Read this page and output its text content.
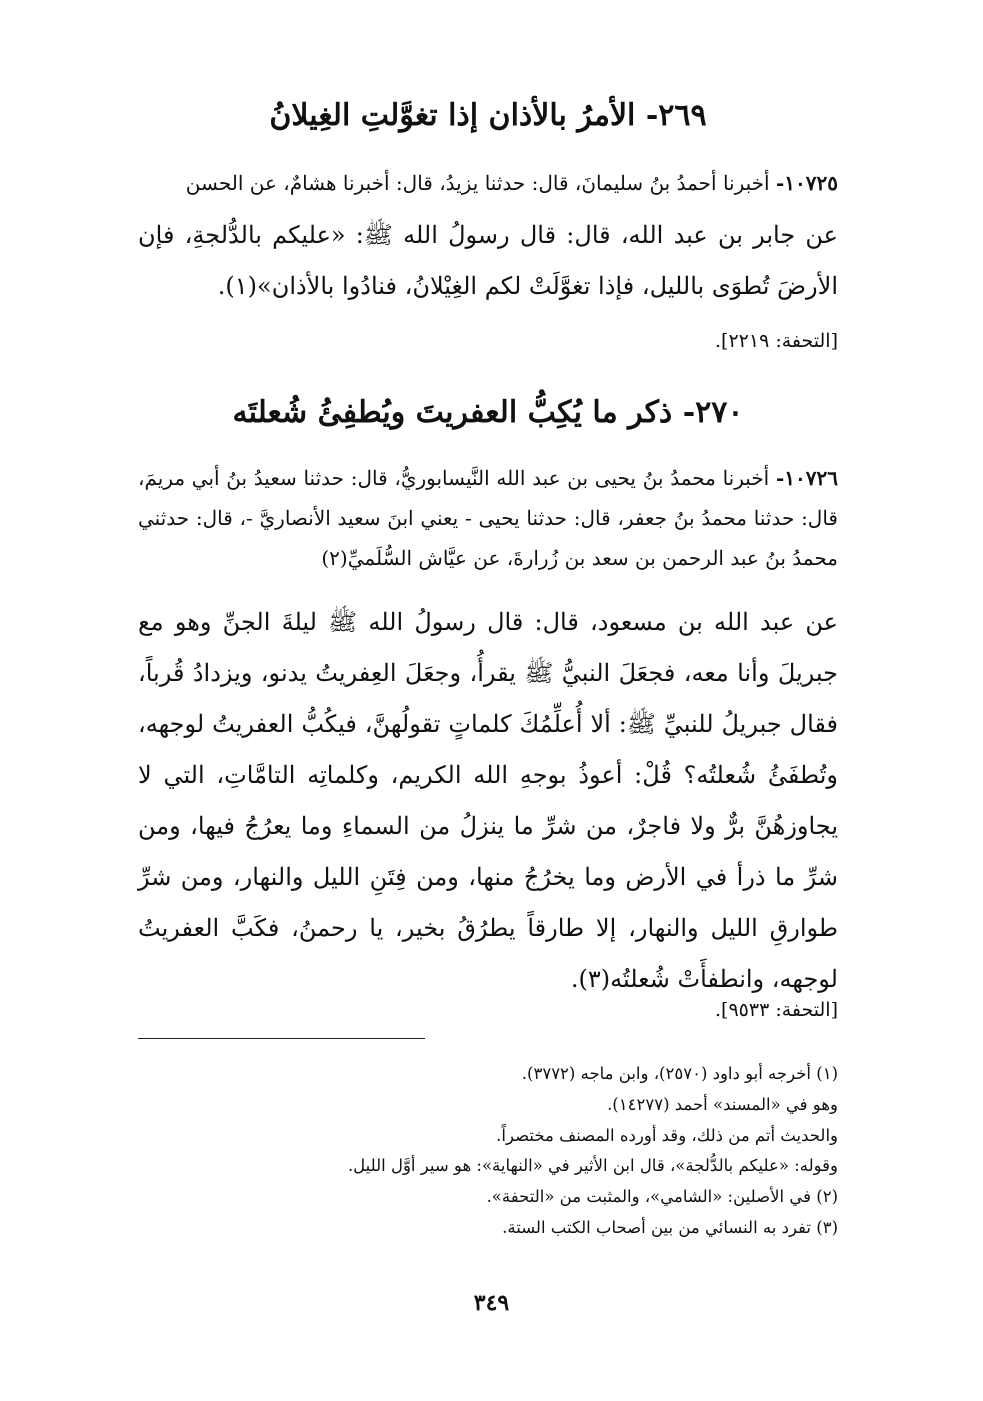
٢٦٩- الأمرُ بالأذان إذا تغوَّلتِ الغِيلانُ
١٠٧٢٥- أخبرنا أحمدُ بنُ سليمانَ، قال: حدثنا يزيدُ، قال: أخبرنا هشامٌ، عن الحسن
عن جابر بن عبد الله، قال: قال رسولُ الله ﷺ: «عليكم بالدُّلجةِ، فإن الأرضَ تُطوَى بالليل، فإذا تغوَّلَتْ لكم الغِيْلانُ، فنادُوا بالأذان»(١).
[التحفة: ٢٢١٩].
٢٧٠- ذكر ما يُكِبُّ العفريتَ ويُطفِئُ شُعلتَه
١٠٧٢٦- أخبرنا محمدُ بنُ يحيى بن عبد الله النَّيسابوريُّ، قال: حدثنا سعيدُ بنُ أبي مريمَ، قال: حدثنا محمدُ بنُ جعفر، قال: حدثنا يحيى - يعني ابنَ سعيد الأنصاريَّ -، قال: حدثني محمدُ بنُ عبد الرحمن بن سعد بن زُرارةَ، عن عيَّاش السُّلَميِّ(٢)
عن عبد الله بن مسعود، قال: قال رسولُ الله ﷺ ليلةَ الجنِّ وهو مع جبريلَ وأنا معه، فجعَلَ النبيُّ ﷺ يقرأُ، وجعَلَ العِفريتُ يدنو، ويزدادُ قُرباً، فقال جبريلُ للنبيِّ ﷺ: ألا أُعلِّمُكَ كلماتٍ تقولُهنَّ، فيكُبُّ العفريتُ لوجهه، وتُطفَئُ شُعلتُه؟ قُلْ: أعوذُ بوجهِ الله الكريم، وكلماتِه التامَّاتِ، التي لا يجاوزهُنَّ برٌّ ولا فاجرٌ، من شرِّ ما ينزلُ من السماءِ وما يعرُجُ فيها، ومن شرِّ ما ذرأ في الأرض وما يخرُجُ منها، ومن فِتَنِ الليل والنهار، ومن شرِّ طوارقِ الليل والنهار، إلا طارقاً يطرُقُ بخير، يا رحمنُ، فكَبَّ العفريتُ لوجهه، وانطفأَتْ شُعلتُه(٣).
[التحفة: ٩٥٣٣].
(١) أخرجه أبو داود (٢٥٧٠)، وابن ماجه (٣٧٧٢).
وهو في «المسند» أحمد (١٤٢٧٧).
والحديث أتم من ذلك، وقد أورده المصنف مختصراً.
وقوله: «عليكم بالدُّلجة»، قال ابن الأثير في «النهاية»: هو سير أوَّل الليل.
(٢) في الأصلين: «الشامي»، والمثبت من «التحفة».
(٣) تفرد به النسائي من بين أصحاب الكتب الستة.
٣٤٩
